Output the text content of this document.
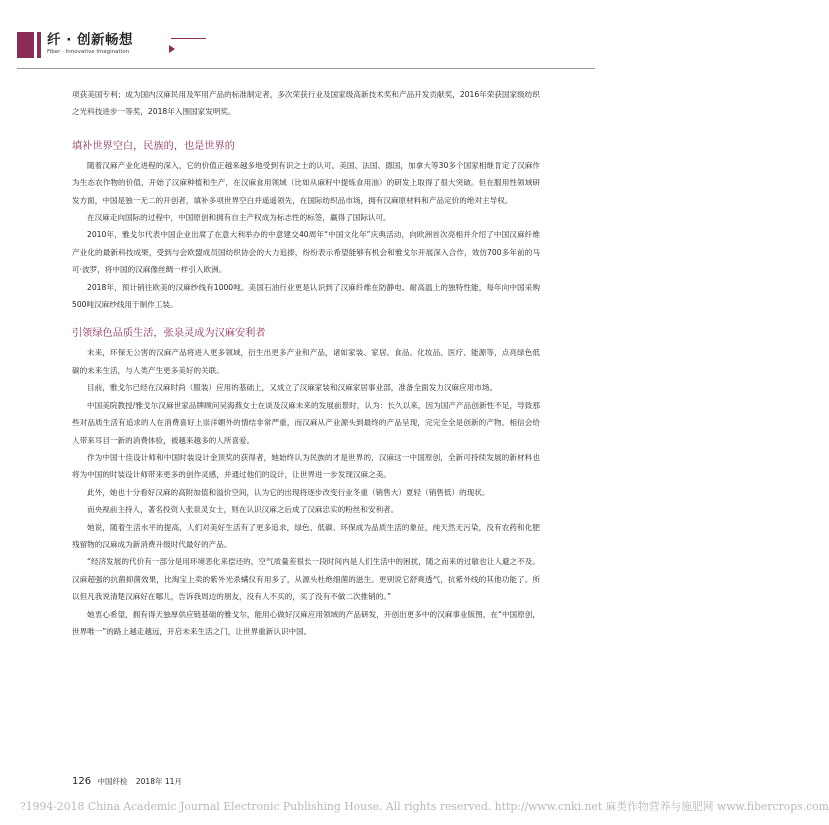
纤 · 创新畅想
Fiber · Innovative Imagination

项获美国专利；成为国内汉麻民用及军用产品的标准制定者，多次荣获行业及国家级高新技术奖和产品开发贡献奖，2016年荣获国家级纺织之光科技进步一等奖，2018年入围国家发明奖。

填补世界空白，民族的，也是世界的

随着汉麻产业化进程的深入，它的价值正越来越多地受到有识之士的认可。美国、法国、德国，加拿大等30多个国家相继肯定了汉麻作为生态农作物的价值，开始了汉麻种植和生产，在汉麻食用领域（比如从麻籽中提炼食用油）的研发上取得了很大突破。但在服用性领域研发方面，中国是独一无二的开创者，填补多项世界空白并遥遥领先，在国际纺织品市场，拥有汉麻原材料和产品定价的绝对主导权。

在汉麻走向国际的过程中，中国原创和拥有自主产权成为标志性的标签，赢得了国际认可。

2010年，雅戈尔代表中国企业出席了在意大利举办的中意建交40周年“中国文化年”庆典活动，向欧洲首次亮相并介绍了中国汉麻纤维产业化的最新科技成果，受到与会欧盟成员国纺织协会的大力追捧，纷纷表示希望能够有机会和雅戈尔开展深入合作，效仿700多年前的马可·波罗，将中国的汉麻像丝绸一样引入欧洲。

2018年，预计销往欧美的汉麻纱线有1000吨。美国石油行业更是认识到了汉麻纤维在防静电、耐高温上的独特性能，每年向中国采购500吨汉麻纱线用于制作工装。

引领绿色品质生活，张泉灵成为汉麻安利者

未来，环保无公害的汉麻产品将进入更多领域，衍生出更多产业和产品，诸如家装、家居、食品、化妆品、医疗、能源等，点亮绿色低碳的未来生活，与人类产生更多美好的关联。

目前，雅戈尔已经在汉麻时尚（服装）应用的基础上，又成立了汉麻家装和汉麻家居事业部，准备全面发力汉麻应用市场。

中国美院教授/雅戈尔汉麻世家品牌顾问吴海燕女士在谈及汉麻未来的发展前景时，认为：长久以来，因为国产产品创新性不足，导致那些对品质生活有追求的人在消费喜好上崇洋媚外的情结非常严重，而汉麻从产业源头到最终的产品呈现，完完全全是创新的产物，相信会给人带来耳目一新的消费体验，被越来越多的人所喜爱。

作为中国十佳设计师和中国时装设计金顶奖的获得者，她始终认为民族的才是世界的，汉麻这一中国原创，全新可持续发展的新材料也将为中国的时装设计师带来更多的创作灵感，并通过他们的设计，让世界进一步发现汉麻之美。

此外，她也十分看好汉麻的高附加值和溢价空间，认为它的出现将逐步改变行业冬重（销售大）夏轻（销售低）的现状。

而央视前主持人，著名投资人张泉灵女士，则在认识汉麻之后成了汉麻忠实的粉丝和安利者。

她说，随着生活水平的提高，人们对美好生活有了更多追求，绿色、低碳、环保成为品质生活的象征，纯天然无污染，没有农药和化肥残留物的汉麻成为新消费升级时代最好的产品。

“经济发展的代价有一部分是用环境恶化来偿还的，空气质量差很长一段时间内是人们生活中的困扰，随之而来的过敏也让人避之不及。汉麻超强的抗菌抑菌效果，比淘宝上卖的紫外光杀螨仪有用多了，从源头杜绝细菌的滋生。更别说它舒爽透气，抗紫外线的其他功能了。所以但凡我说清楚汉麻好在哪儿，告诉我周边的朋友，没有人不买的，买了没有不做二次推销的。”

她衷心希望，拥有得天独厚供应链基础的雅戈尔，能用心做好汉麻应用领域的产品研发，开创出更多中的汉麻事业版图，在“中国原创，世界唯一”的路上越走越远，开启未来生活之门，让世界重新认识中国。

126 中国纤检 2018年 11月
?1994-2018 China Academic Journal Electronic Publishing House. All rights reserved. http://www.cnki.net 麻类作物营养与施肥网 www.fibercrops.com
